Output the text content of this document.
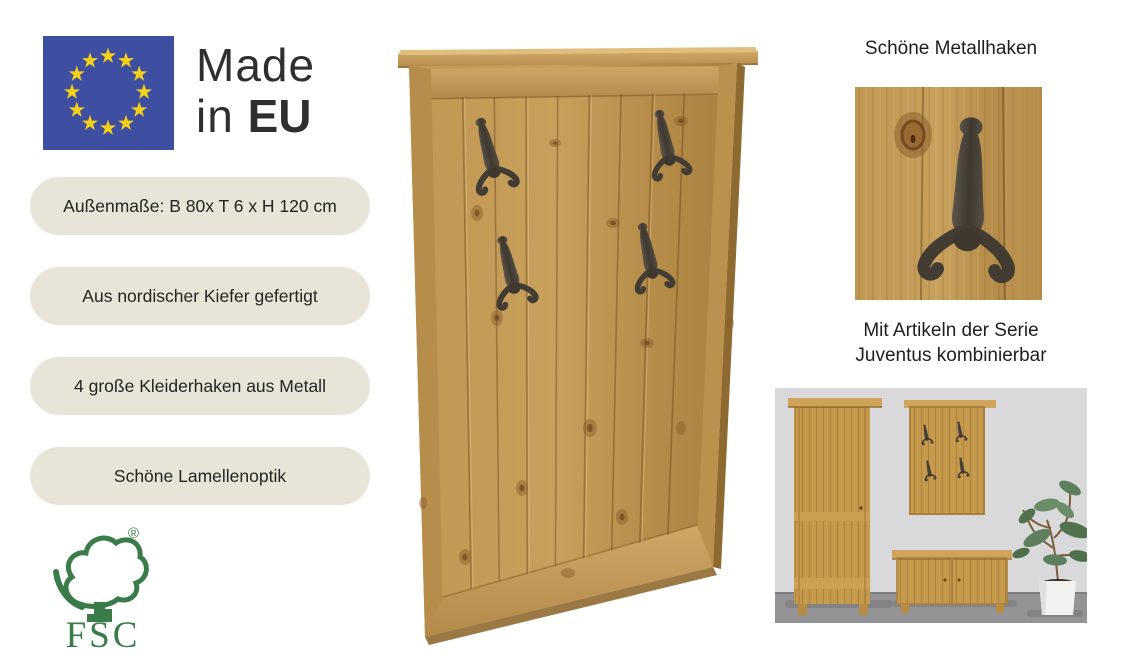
Made
in EU
Außenmaße: B 80x T 6 x H 120 cm
Aus nordischer Kiefer gefertigt
4 große Kleiderhaken aus Metall
Schöne Lamellenoptik
®
FSC
Schöne Metallhaken
Mit Artikeln der Serie
Juventus kombinierbar
